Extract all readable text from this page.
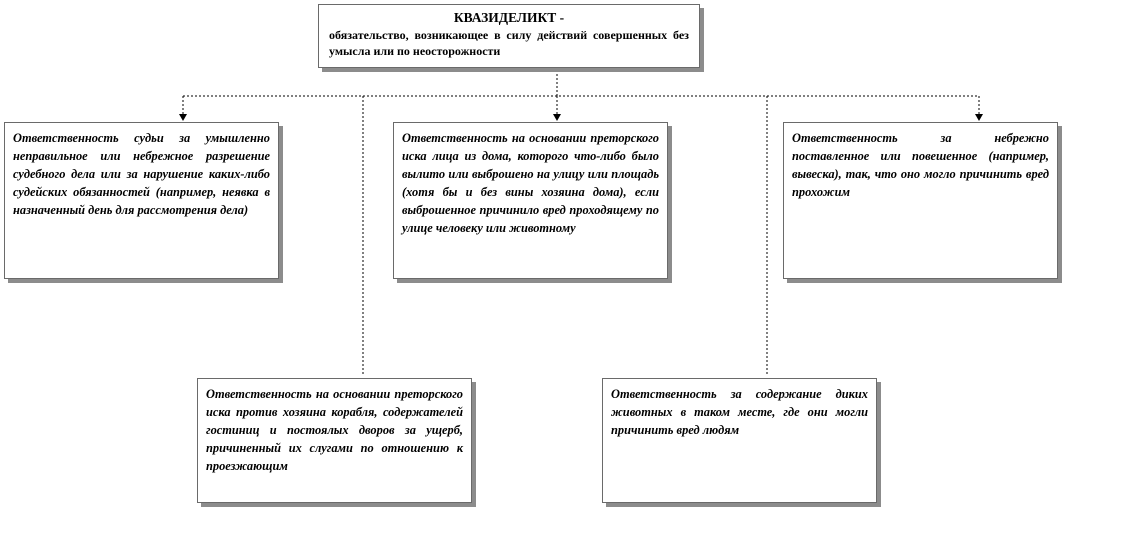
КВАЗИДЕЛИКТ -
обязательство, возникающее в силу действий совершенных без умысла или по неосторожности
Ответственность судьи за умышленно неправильное или небрежное разрешение судебного дела или за нарушение каких-либо судейских обязанностей (например, неявка в назначенный день для рассмотрения дела)
Ответственность на основании преторского иска лица из дома, которого что-либо было вылито или выброшено на улицу или площадь (хотя бы и без вины хозяина дома), если выброшенное причинило вред проходящему по улице человеку или животному
Ответственность за небрежно поставленное или повешенное (например, вывеска), так, что оно могло причинить вред прохожим
Ответственность на основании преторского иска против хозяина корабля, содержателей гостиниц и постоялых дворов за ущерб, причиненный их слугами по отношению к проезжающим
Ответственность за содержание диких животных в таком месте, где они могли причинить вред людям
